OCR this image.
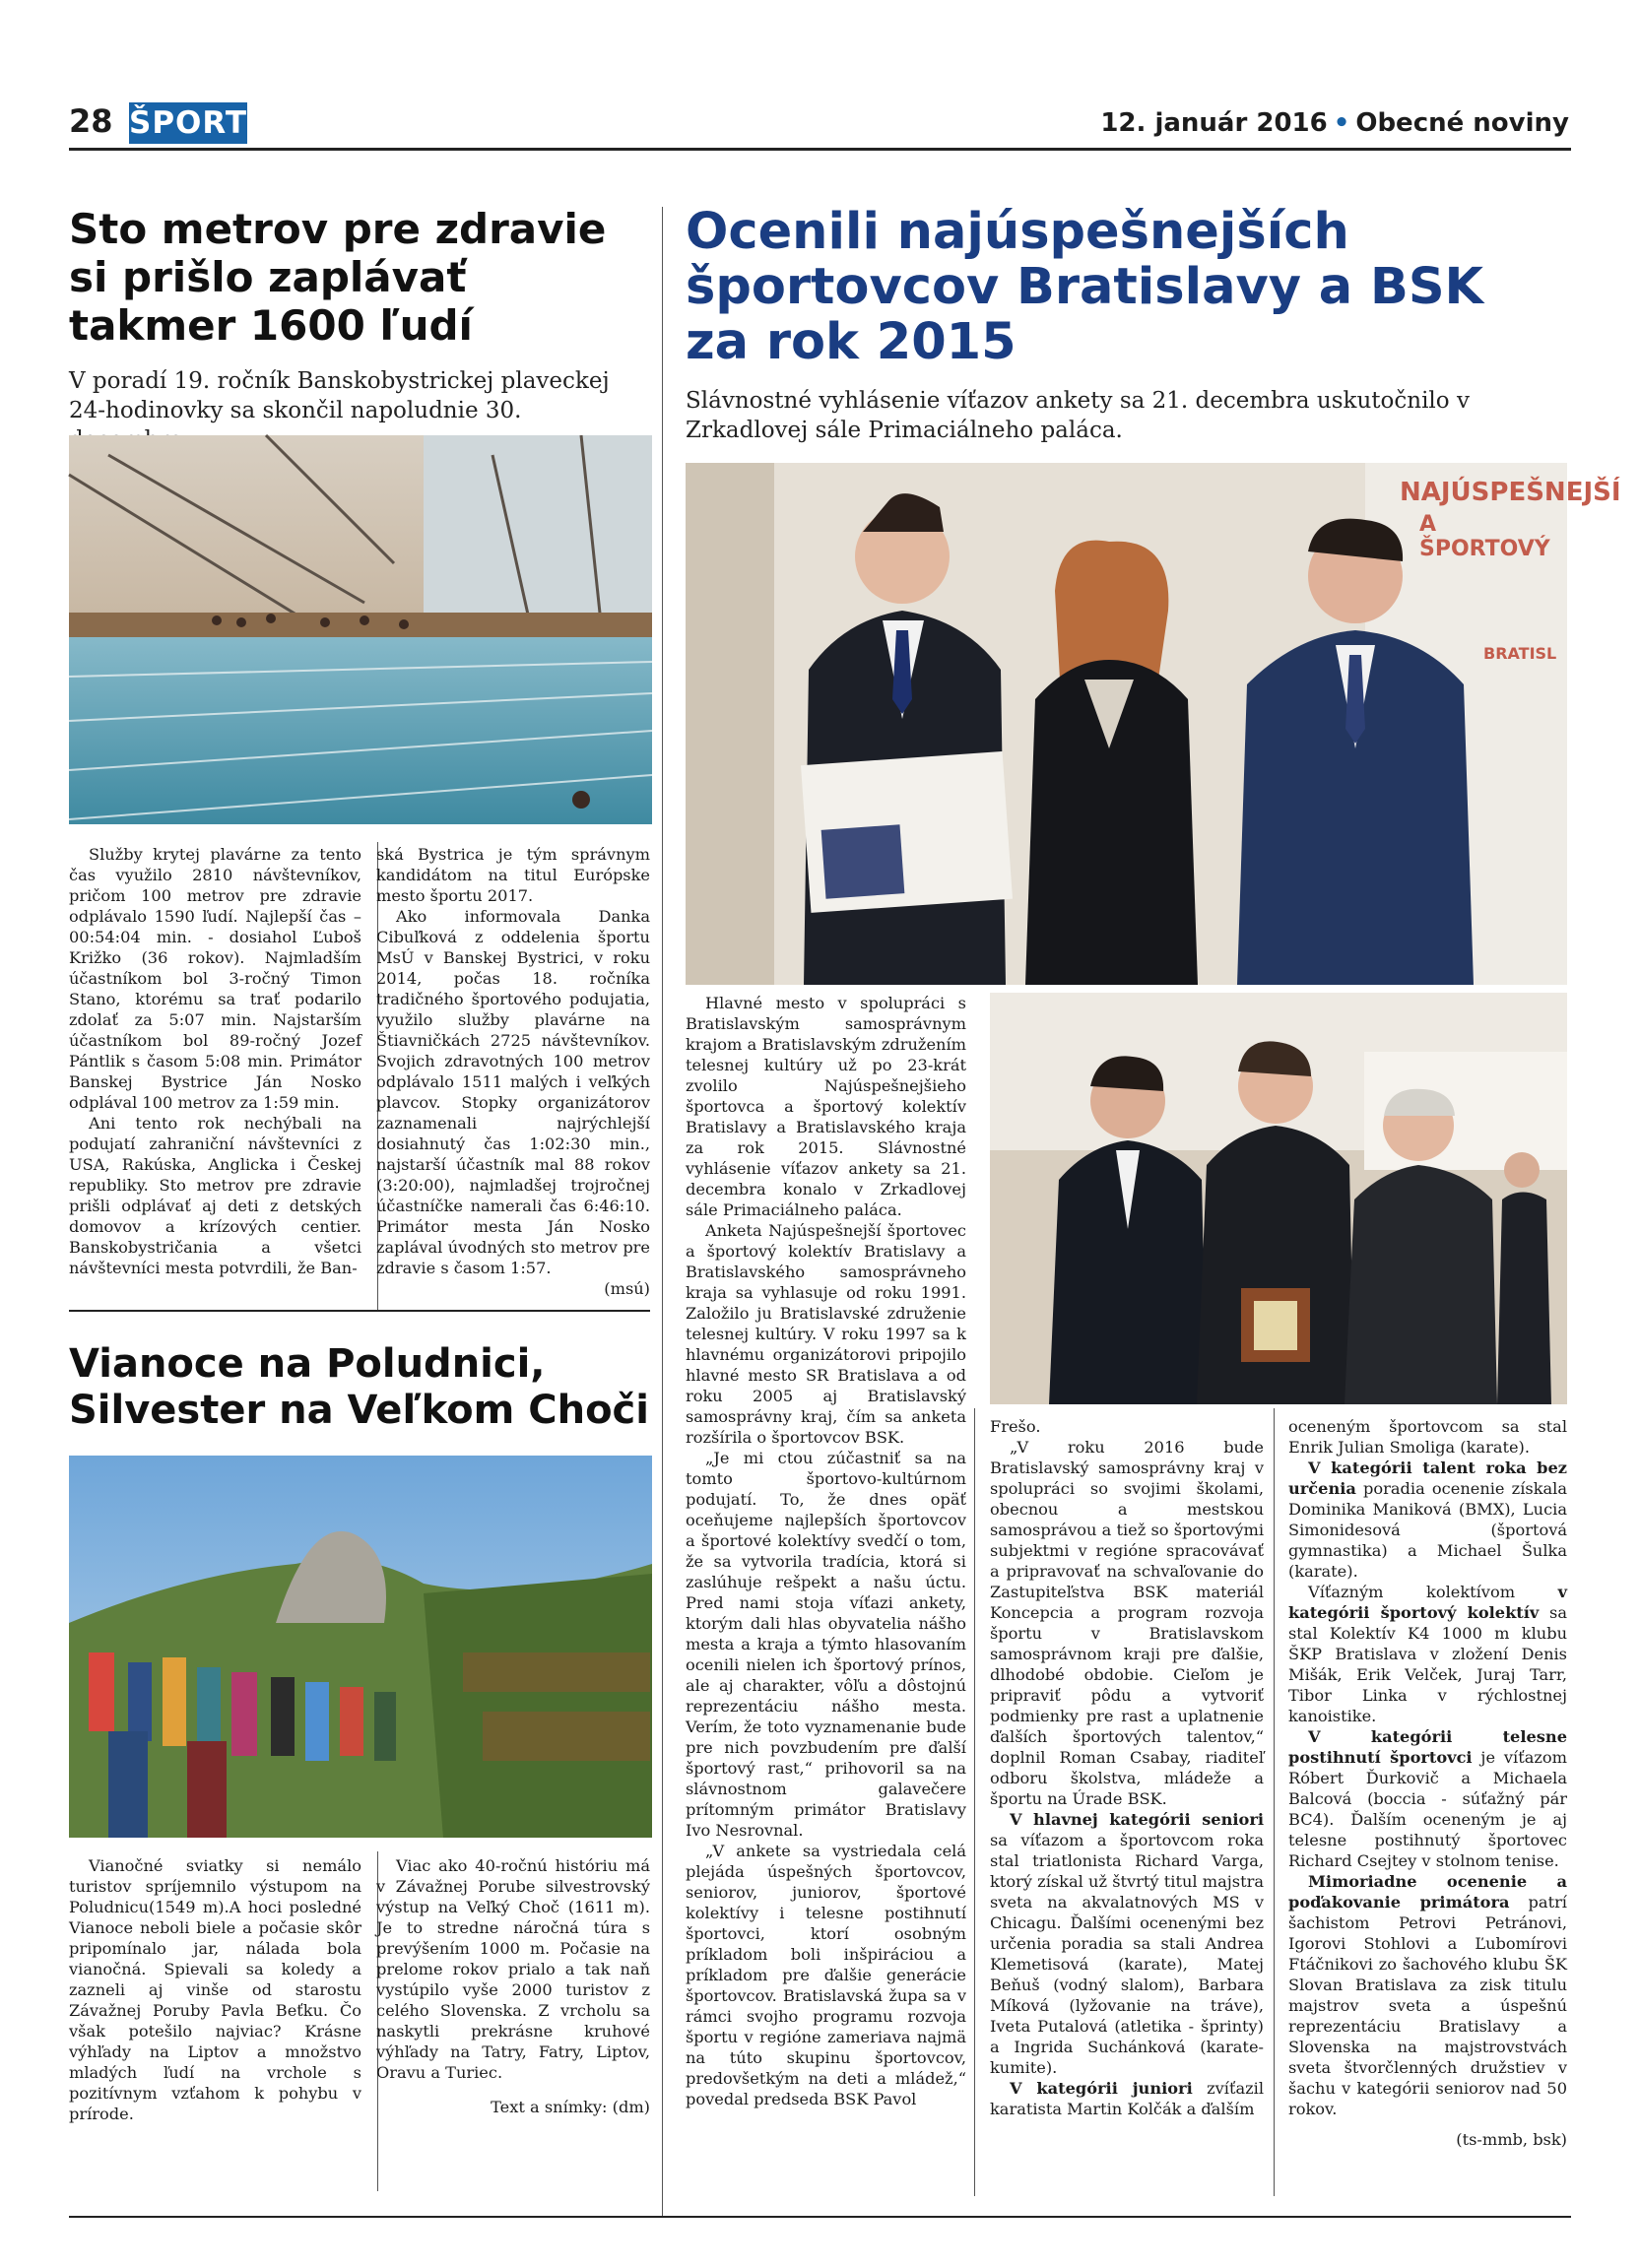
28 ŠPORT	12. január 2016 • Obecné noviny
Sto metrov pre zdravie si prišlo zaplávať takmer 1600 ľudí

V poradí 19. ročník Banskobystrickej plaveckej 24-hodinovky sa skončil napoludnie 30.

Služby krytej plavárne za tento čas využilo 2810 návštevníkov, pričom 100 metrov pre zdravie odplávalo 1590 ľudí. Najlepší čas – 00:54:04 min. - dosiahol Ľuboš Križko (36 rokov). Najmladším účastníkom bol 3-ročný Timon Stano, ktorému sa trať podarilo zdolať za 5:07 min. Najstarším účastníkom bol 89-ročný Jozef Pántlik s časom 5:08 min. Primátor Banskej Bystrice Ján Nosko odplával 100 metrov za 1:59 min.

Ani tento rok nechýbali na podujatí zahraniční návštevníci z USA, Rakúska, Anglicka i Českej republiky. Sto metrov pre zdravie prišli odplávať aj deti z detských domovov a krízových centier. Banskobystričania a všetci návštevníci mesta potvrdili, že Ban-

ská Bystrica je tým správnym kandidátom na titul Európske mesto športu 2017.

Ako informovala Danka Cibuľková z oddelenia športu MsÚ v Banskej Bystrici, v roku 2014, počas 18. ročníka tradičného športového podujatia, využilo služby plavárne na Štiavničkách 2725 návštevníkov. Svojich zdravotných 100 metrov odplávalo 1511 malých i veľkých plavcov. Stopky organizátorov zaznamenali najrýchlejší dosiahnutý čas 1:02:30 min., najstarší účastník mal 88 rokov (3:20:00), najmladšej trojročnej účastníčke namerali čas 6:46:10. Primátor mesta Ján Nosko zaplával úvodných sto metrov pre zdravie s časom 1:57.

(msú)

Vianoce na Poludnici, Silvester na Veľkom Choči

Vianočné sviatky si nemálo turistov spríjemnilo výstupom na Poludnicu(1549 m).A hoci posledné Vianoce neboli biele a počasie skôr pripomínalo jar, nálada bola vianočná. Spievali sa koledy a zazneli aj vinše od starostu Závažnej Poruby Pavla Beťku. Čo však potešilo najviac? Krásne výhľady na Liptov a množstvo mladých ľudí na vrchole s pozitívnym vzťahom k pohybu v prírode.

Viac ako 40-ročnú históriu má v Závažnej Porube silvestrovský výstup na Veľký Choč (1611 m). Je to stredne náročná túra s prevýšením 1000 m. Počasie na prelome rokov prialo a tak naň vystúpilo vyše 2000 turistov z celého Slovenska. Z vrcholu sa naskytli prekrásne kruhové výhľady na Tatry, Fatry, Liptov, Oravu a Turiec.

Text a snímky: (dm)

Ocenili najúspešnejších športovcov Bratislavy a BSK za rok 2015

Slávnostné vyhlásenie víťazov ankety sa 21. decembra uskutočnilo v Zrkadlovej sále Primaciálneho paláca.

NAJÚSPEŠNEJŠÍ
A ŠPORTOVÝ
BRATISL

Hlavné mesto v spolupráci s Bratislavským samosprávnym krajom a Bratislavským združením telesnej kultúry už po 23-krát zvolilo Najúspešnejšieho športovca a športový kolektív Bratislavy a Bratislavského kraja za rok 2015. Slávnostné vyhlásenie víťazov ankety sa 21. decembra konalo v Zrkadlovej sále Primaciálneho paláca.

Anketa Najúspešnejší športovec a športový kolektív Bratislavy a Bratislavského samosprávneho kraja sa vyhlasuje od roku 1991. Založilo ju Bratislavské združenie telesnej kultúry. V roku 1997 sa k hlavnému organizátorovi pripojilo hlavné mesto SR Bratislava a od roku 2005 aj Bratislavský samosprávny kraj, čím sa anketa rozšírila o športovcov BSK.

„Je mi ctou zúčastniť sa na tomto športovo-kultúrnom podujatí. To, že dnes opäť oceňujeme najlepších športovcov a športové kolektívy svedčí o tom, že sa vytvorila tradícia, ktorá si zaslúhuje rešpekt a našu úctu. Pred nami stoja víťazi ankety, ktorým dali hlas obyvatelia nášho mesta a kraja a týmto hlasovaním ocenili nielen ich športový prínos, ale aj charakter, vôľu a dôstojnú reprezentáciu nášho mesta. Verím, že toto vyznamenanie bude pre nich povzbudením pre ďalší športový rast,“ prihovoril sa na slávnostnom galavečere prítomným primátor Bratislavy Ivo Nesrovnal.

„V ankete sa vystriedala celá plejáda úspešných športovcov, seniorov, juniorov, športové kolektívy i telesne postihnutí športovci, ktorí osobným príkladom boli inšpiráciou a príkladom pre ďalšie generácie športovcov. Bratislavská župa sa v rámci svojho programu rozvoja športu v regióne zameriava najmä na túto skupinu športovcov, predovšetkým na deti a mládež,“ povedal predseda BSK Pavol

Frešo.

„V roku 2016 bude Bratislavský samosprávny kraj v spolupráci so svojimi školami, obecnou a mestskou samosprávou a tiež so športovými subjektmi v regióne spracovávať a pripravovať na schvaľovanie do Zastupiteľstva BSK materiál Koncepcia a program rozvoja športu v Bratislavskom samosprávnom kraji pre ďalšie, dlhodobé obdobie. Cieľom je pripraviť pôdu a vytvoriť podmienky pre rast a uplatnenie ďalších športových talentov,“ doplnil Roman Csabay, riaditeľ odboru školstva, mládeže a športu na Úrade BSK.

V hlavnej kategórii seniori sa víťazom a športovcom roka stal triatlonista Richard Varga, ktorý získal už štvrtý titul majstra sveta na akvalatnových MS v Chicagu. Ďalšími ocenenými bez určenia poradia sa stali Andrea Klemetisová (karate), Matej Beňuš (vodný slalom), Barbara Míková (lyžovanie na tráve), Iveta Putalová (atletika - šprinty) a Ingrida Suchánková (karate-kumite).

V kategórii juniori zvíťazil karatista Martin Kolčák a ďalším

oceneným športovcom sa stal Enrik Julian Smoliga (karate).

V kategórii talent roka bez určenia poradia ocenenie získala Dominika Maniková (BMX), Lucia Simonidesová (športová gymnastika) a Michael Šulka (karate).

Víťazným kolektívom v kategórii športový kolektív sa stal Kolektív K4 1000 m klubu ŠKP Bratislava v zložení Denis Mišák, Erik Velček, Juraj Tarr, Tibor Linka v rýchlostnej kanoistike.

V kategórii telesne postihnutí športovci je víťazom Róbert Ďurkovič a Michaela Balcová (boccia - súťažný pár BC4). Ďalším oceneným je aj telesne postihnutý športovec Richard Csejtey v stolnom tenise.

Mimoriadne ocenenie a poďakovanie primátora patrí šachistom Petrovi Petránovi, Igorovi Stohlovi a Ľubomírovi Ftáčnikovi zo šachového klubu ŠK Slovan Bratislava za zisk titulu majstrov sveta a úspešnú reprezentáciu Bratislavy a Slovenska na majstrovstvách sveta štvorčlenných družstiev v šachu v kategórii seniorov nad 50 rokov.

(ts-mmb, bsk)
